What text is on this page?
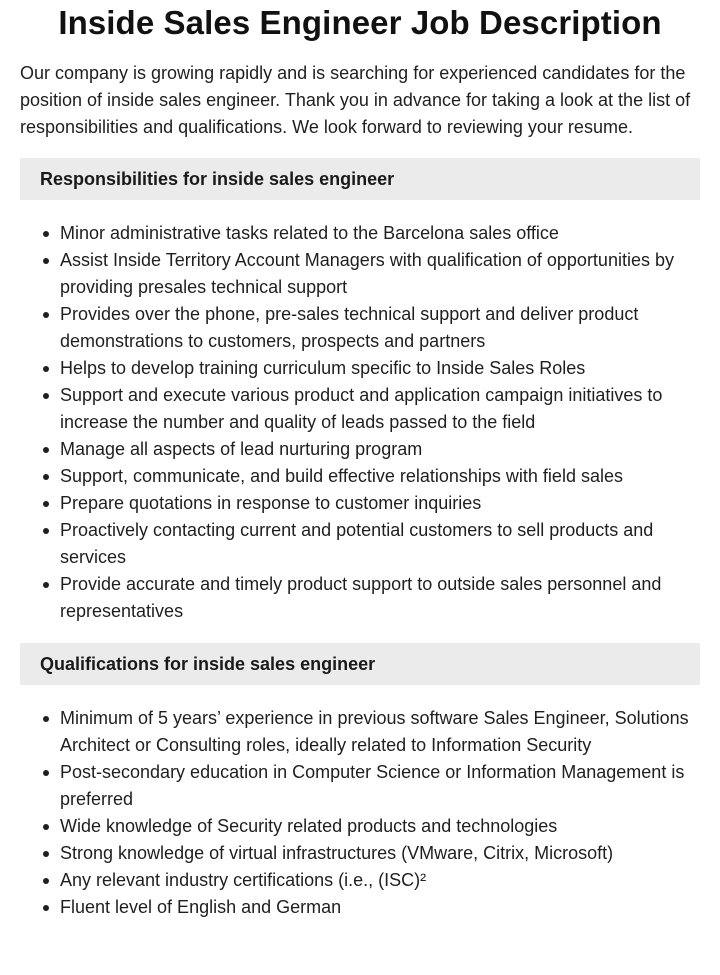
Inside Sales Engineer Job Description

Our company is growing rapidly and is searching for experienced candidates for the position of inside sales engineer. Thank you in advance for taking a look at the list of responsibilities and qualifications. We look forward to reviewing your resume.

Responsibilities for inside sales engineer
Minor administrative tasks related to the Barcelona sales office
Assist Inside Territory Account Managers with qualification of opportunities by providing presales technical support
Provides over the phone, pre-sales technical support and deliver product demonstrations to customers, prospects and partners
Helps to develop training curriculum specific to Inside Sales Roles
Support and execute various product and application campaign initiatives to increase the number and quality of leads passed to the field
Manage all aspects of lead nurturing program
Support, communicate, and build effective relationships with field sales
Prepare quotations in response to customer inquiries
Proactively contacting current and potential customers to sell products and services
Provide accurate and timely product support to outside sales personnel and representatives
Qualifications for inside sales engineer
Minimum of 5 years’ experience in previous software Sales Engineer, Solutions Architect or Consulting roles, ideally related to Information Security
Post-secondary education in Computer Science or Information Management is preferred
Wide knowledge of Security related products and technologies
Strong knowledge of virtual infrastructures (VMware, Citrix, Microsoft)
Any relevant industry certifications (i.e., (ISC)²
Fluent level of English and German
